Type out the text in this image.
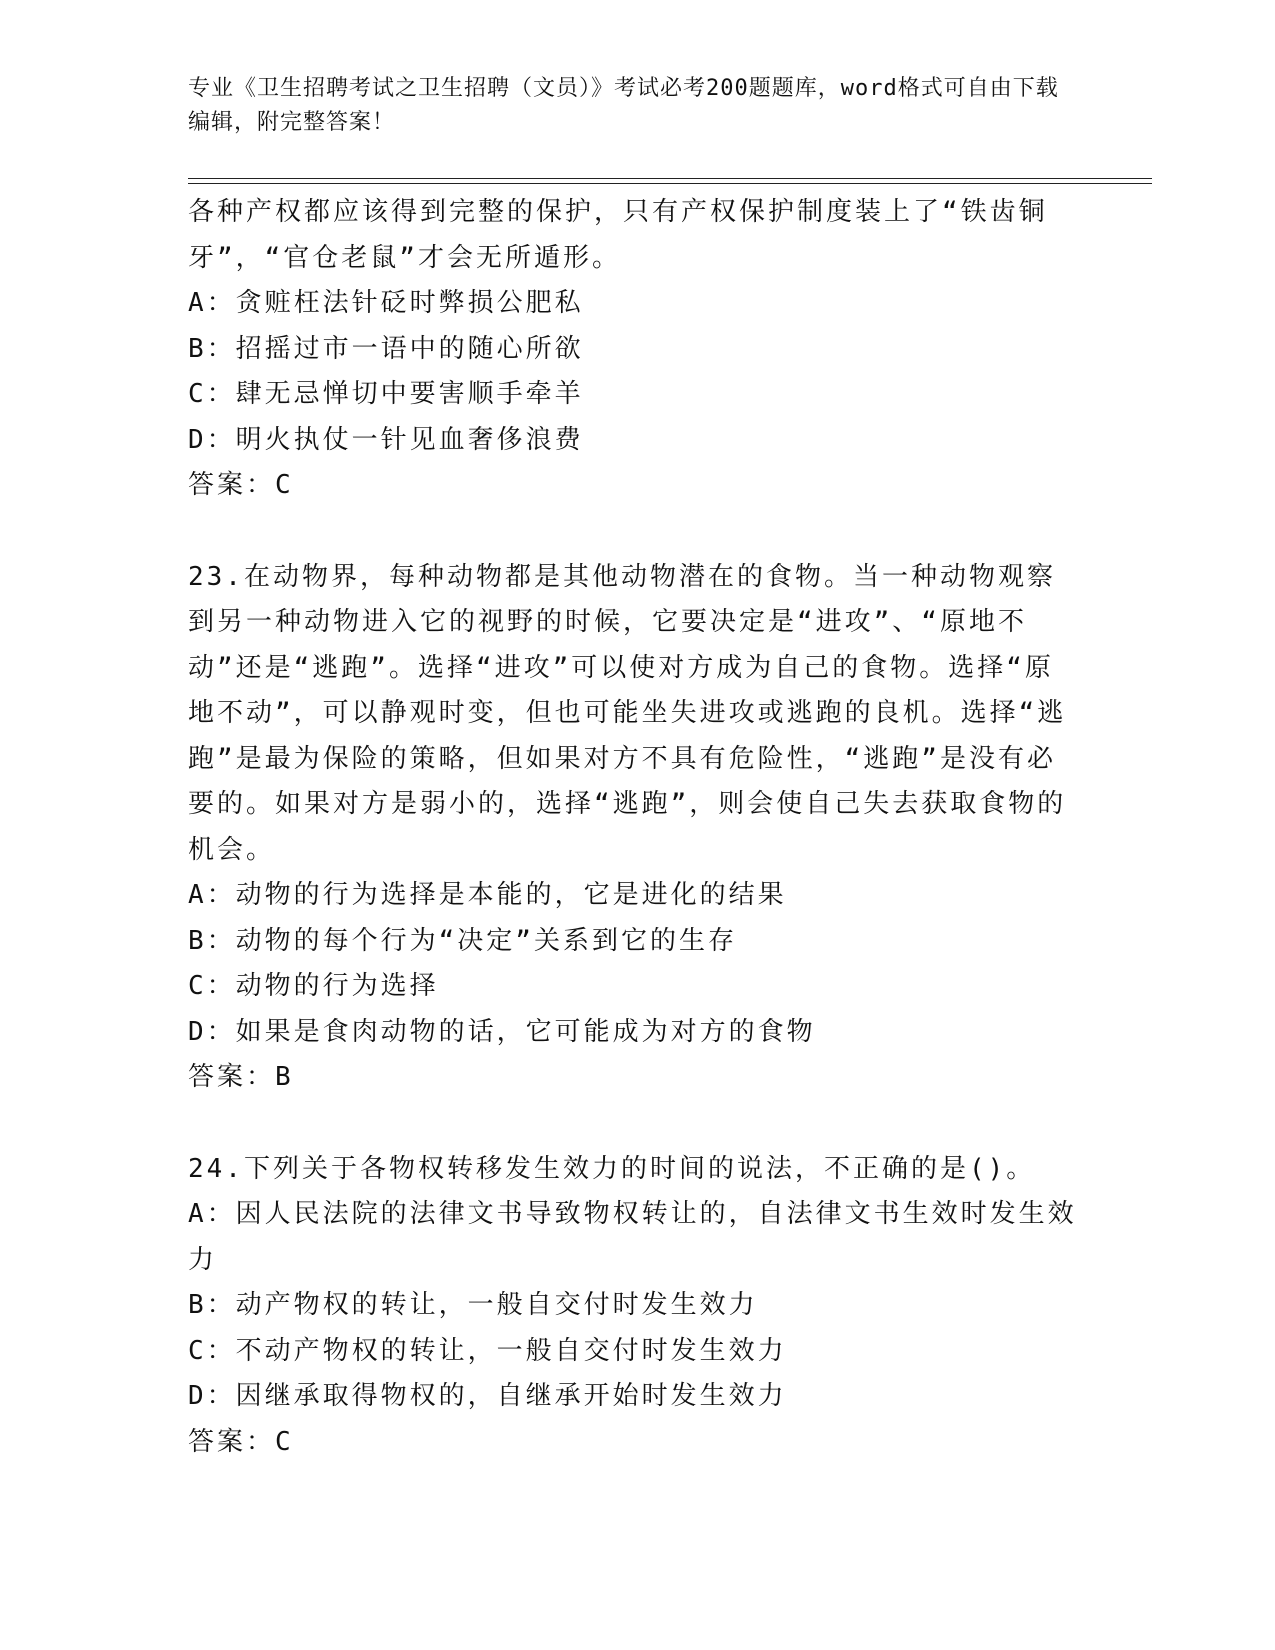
专业《卫生招聘考试之卫生招聘（文员）》考试必考200题题库，word格式可自由下载编辑，附完整答案！

各种产权都应该得到完整的保护，只有产权保护制度装上了“铁齿铜牙”，“官仓老鼠”才会无所遁形。

A：贪赃枉法针砭时弊损公肥私

B：招摇过市一语中的随心所欲

C：肆无忌惮切中要害顺手牵羊

D：明火执仗一针见血奢侈浪费

答案：C

23.在动物界，每种动物都是其他动物潜在的食物。当一种动物观察到另一种动物进入它的视野的时候，它要决定是“进攻”、“原地不动”还是“逃跑”。选择“进攻”可以使对方成为自己的食物。选择“原地不动”，可以静观时变，但也可能坐失进攻或逃跑的良机。选择“逃跑”是最为保险的策略，但如果对方不具有危险性，“逃跑”是没有必要的。如果对方是弱小的，选择“逃跑”，则会使自己失去获取食物的机会。

A：动物的行为选择是本能的，它是进化的结果

B：动物的每个行为“决定”关系到它的生存

C：动物的行为选择

D：如果是食肉动物的话，它可能成为对方的食物

答案：B

24.下列关于各物权转移发生效力的时间的说法，不正确的是()。

A：因人民法院的法律文书导致物权转让的，自法律文书生效时发生效力

B：动产物权的转让，一般自交付时发生效力

C：不动产物权的转让，一般自交付时发生效力

D：因继承取得物权的，自继承开始时发生效力

答案：C
